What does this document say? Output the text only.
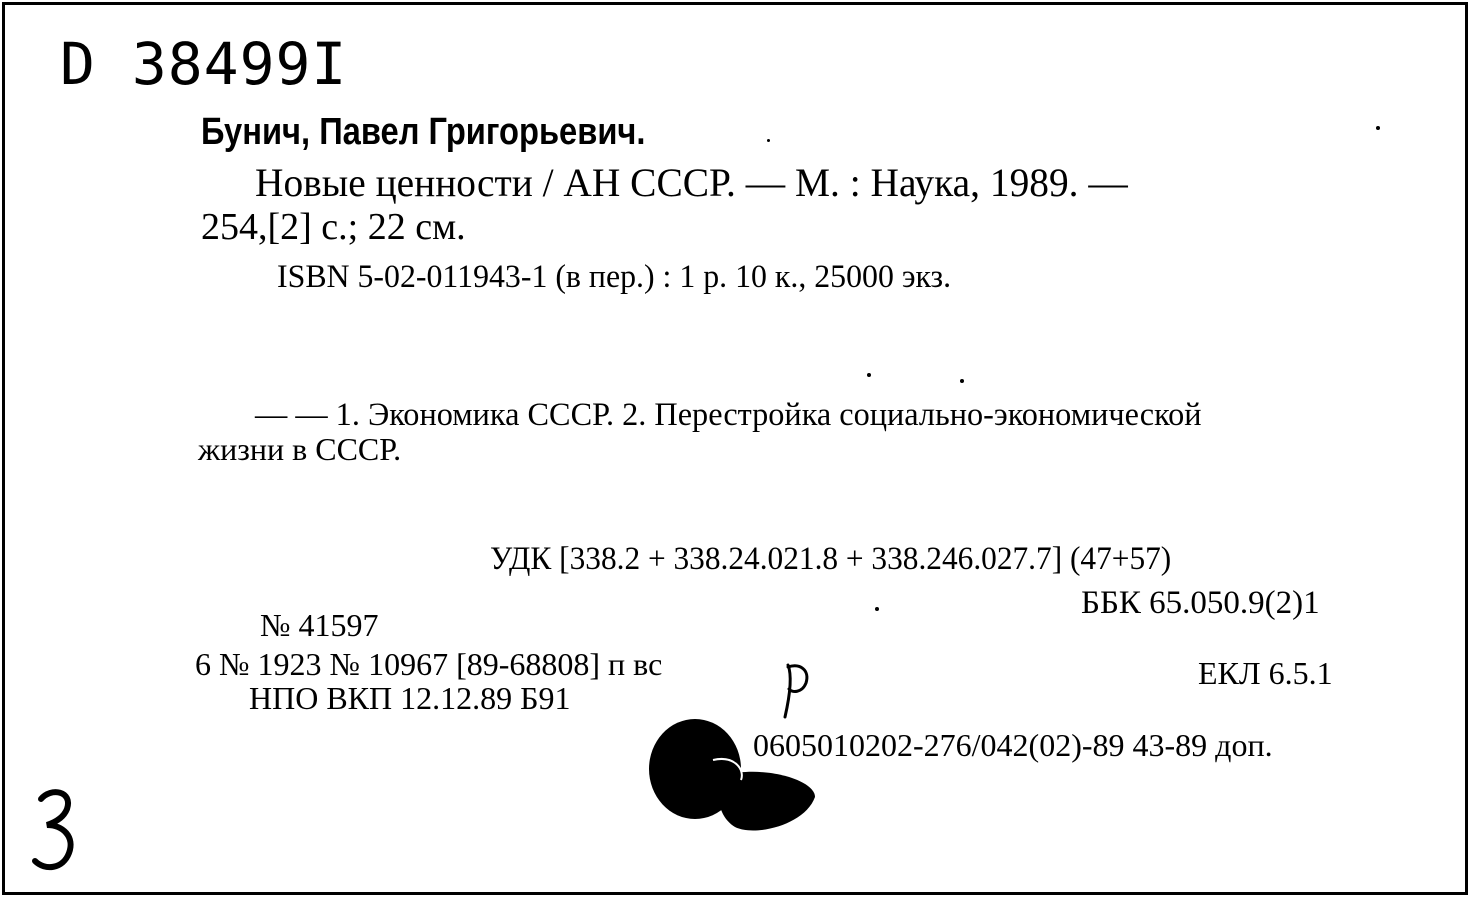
D 38499I
Бунич, Павел Григорьевич.
Новые ценности / АН СССР. — М. : Наука, 1989. —
254,[2] с.; 22 см.
ISBN 5-02-011943-1 (в пер.) : 1 р. 10 к., 25000 экз.
— — 1. Экономика СССР. 2. Перестройка социально-экономической
жизни в СССР.
УДК [338.2 + 338.24.021.8 + 338.246.027.7] (47+57)
ББК 65.050.9(2)1
№ 41597
6 № 1923 № 10967 [89-68808] п вс	ЕКЛ 6.5.1
НПО ВКП 12.12.89 Б91
0605010202-276/042(02)-89 43-89 доп.
